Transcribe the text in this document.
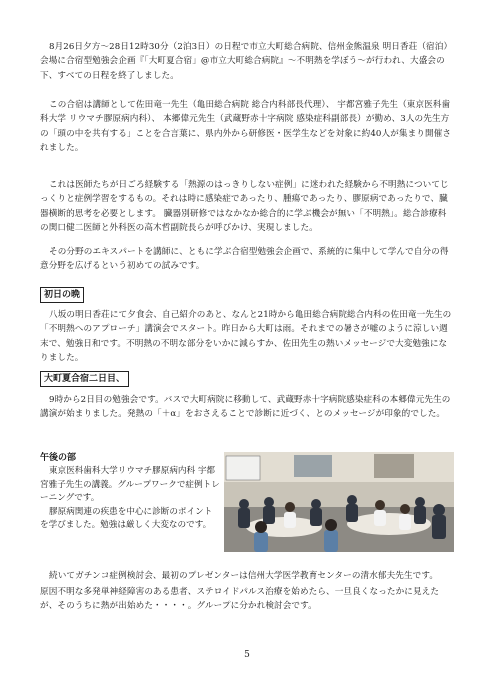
8月26日夕方～28日12時30分（2泊3日）の日程で市立大町総合病院、信州金熊温泉 明日香荘（宿泊）会場に合宿型勉強会企画『「大町夏合宿」@市立大町総合病院』～不明熱を学ぼう～が行われ、大盛会の下、すべての日程を終了しました。

この合宿は講師として佐田竜一先生（亀田総合病院 総合内科部長代理）、 宇都宮雅子先生（東京医科歯科大学 リウマチ膠原病内科）、 本郷偉元先生（武蔵野赤十字病院 感染症科副部長）が勤め、3人の先生方の「頭の中を共有する」ことを合言葉に、県内外から研修医・医学生などを対象に約40人が集まり開催されました。

これは医師たちが日ごろ経験する「熱源のはっきりしない症例」に迷われた経験から不明熱についてじっくりと症例学習をするもの。それは時に感染症であったり、腫瘍であったり、膠原病であったりで、臓器横断的思考を必要とします。 臓器別研修ではなかなか総合的に学ぶ機会が無い「不明熱」。総合診療科の関口健二医師と外科医の高木哲副院長らが呼びかけ、実現しました。

その分野のエキスパートを講師に、ともに学ぶ合宿型勉強会企画で、系統的に集中して学んで自分の得意分野を広げるという初めての試みです。

初日の晩

八坂の明日香荘にて夕食会、自己紹介のあと、なんと21時から亀田総合病院総合内科の佐田竜一先生の「不明熱へのアプローチ」講演会でスタート。昨日から大町は雨。それまでの暑さが嘘のように涼しい週末で、勉強日和です。不明熱の不明な部分をいかに減らすか、佐田先生の熱いメッセージで大変勉強になりました。

大町夏合宿二日目、

9時から2日目の勉強会です。バスで大町病院に移動して、武蔵野赤十字病院感染症科の本郷偉元先生の講演が始まりました。発熱の「＋α」をおさえることで診断に近づく、とのメッセージが印象的でした。

午後の部

東京医科歯科大学リウマチ膠原病内科 宇都宮雅子先生の講義。グループワークで症例トレーニングです。

膠原病関連の疾患を中心に診断のポイントを学びました。勉強は厳しく大変なのです。

続いてガチンコ症例検討会、最初のプレゼンターは信州大学医学教育センターの清水郁夫先生です。

原因不明な多発単神経障害のある患者、ステロイドパルス治療を始めたら、一旦良くなったかに見えたが、そのうちに熱が出始めた・・・・。グループに分かれ検討会です。

5
